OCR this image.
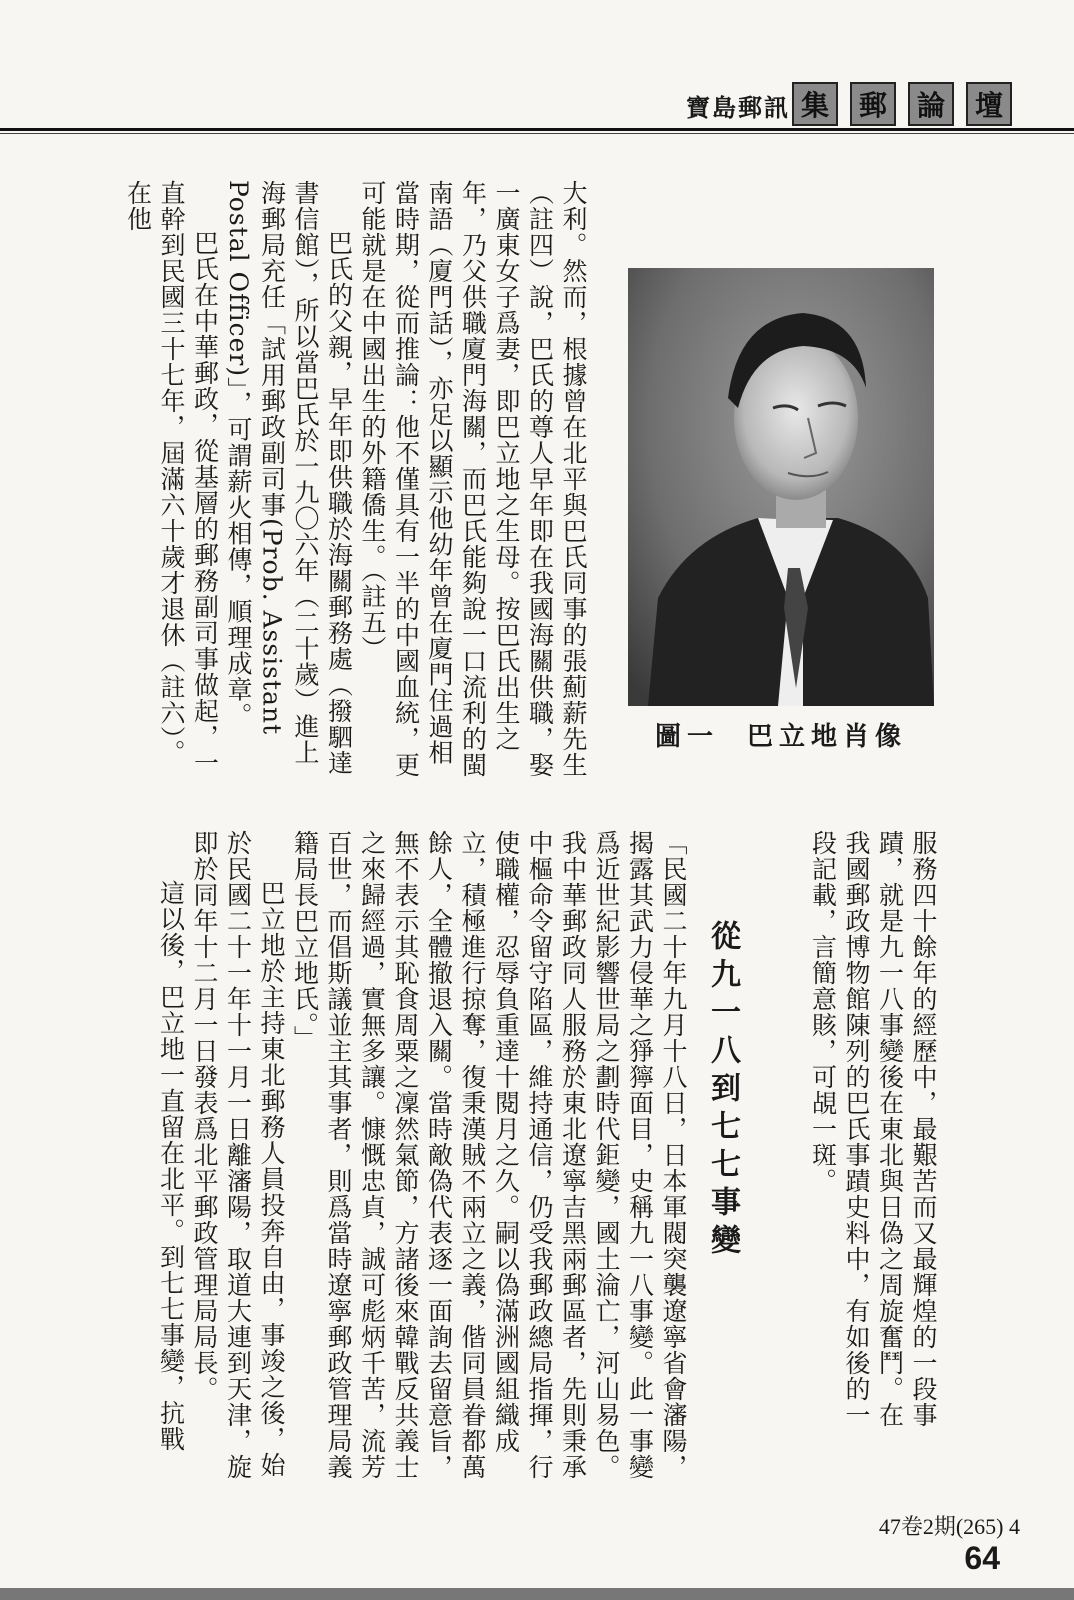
寶島郵訊 集	郵	論	壇

大利。然而，根據曾在北平與巴氏同事的張薊薪先生（註四）說，巴氏的尊人早年即在我國海關供職，娶一廣東女子爲妻，即巴立地之生母。按巴氏出生之年，乃父供職廈門海關，而巴氏能夠說一口流利的閩南語（廈門話），亦足以顯示他幼年曾在廈門住過相當時期，從而推論：他不僅具有一半的中國血統，更可能就是在中國出生的外籍僑生。（註五）

巴氏的父親，早年即供職於海關郵務處（撥駟達書信館），所以當巴氏於一九〇六年（二十歲）進上海郵局充任「試用郵政副司事(Prob. Assistant Postal Officer)」，可謂薪火相傳，順理成章。

巴氏在中華郵政，從基層的郵務副司事做起，一直幹到民國三十七年，屆滿六十歲才退休（註六）。在他

圖一 巴立地肖像

服務四十餘年的經歷中，最艱苦而又最輝煌的一段事蹟，就是九一八事變後在東北與日偽之周旋奮鬥。在我國郵政博物館陳列的巴氏事蹟史料中，有如後的一段記載，言簡意賅，可覘一斑。

從九一八到七七事變

「民國二十年九月十八日，日本軍閥突襲遼寧省會瀋陽，揭露其武力侵華之猙獰面目，史稱九一八事變。此一事變爲近世紀影響世局之劃時代鉅變，國土淪亡，河山易色。我中華郵政同人服務於東北遼寧吉黑兩郵區者，先則秉承中樞命令留守陷區，維持通信，仍受我郵政總局指揮，行使職權，忍辱負重達十閱月之久。嗣以偽滿洲國組織成立，積極進行掠奪，復秉漢賊不兩立之義，偕同員眷都萬餘人，全體撤退入關。當時敵偽代表逐一面詢去留意旨，無不表示其恥食周粟之凜然氣節，方諸後來韓戰反共義士之來歸經過，實無多讓。慷慨忠貞，誠可彪炳千苦，流芳百世，而倡斯議並主其事者，則爲當時遼寧郵政管理局義籍局長巴立地氏。」

巴立地於主持東北郵務人員投奔自由，事竣之後，始於民國二十一年十一月一日離瀋陽，取道大連到天津，旋即於同年十二月一日發表爲北平郵政管理局局長。

這以後，巴立地一直留在北平。到七七事變，抗戰

47卷2期(265) 4
64
